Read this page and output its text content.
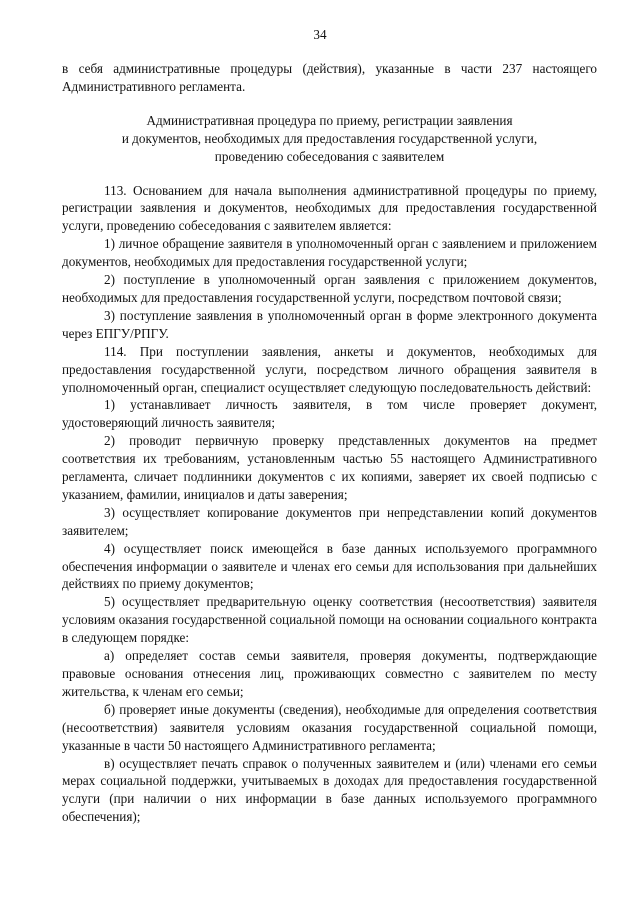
34

в себя административные процедуры (действия), указанные в части 237 настоящего Административного регламента.

Административная процедура по приему, регистрации заявления
и документов, необходимых для предоставления государственной услуги,
проведению собеседования с заявителем

113. Основанием для начала выполнения административной процедуры по приему, регистрации заявления и документов, необходимых для предоставления государственной услуги, проведению собеседования с заявителем является:

1) личное обращение заявителя в уполномоченный орган с заявлением и приложением документов, необходимых для предоставления государственной услуги;

2) поступление в уполномоченный орган заявления с приложением документов, необходимых для предоставления государственной услуги, посредством почтовой связи;

3) поступление заявления в уполномоченный орган в форме электронного документа через ЕПГУ/РПГУ.

114. При поступлении заявления, анкеты и документов, необходимых для предоставления государственной услуги, посредством личного обращения заявителя в уполномоченный орган, специалист осуществляет следующую последовательность действий:

1) устанавливает личность заявителя, в том числе проверяет документ, удостоверяющий личность заявителя;

2) проводит первичную проверку представленных документов на предмет соответствия их требованиям, установленным частью 55 настоящего Административного регламента, сличает подлинники документов с их копиями, заверяет их своей подписью с указанием, фамилии, инициалов и даты заверения;

3) осуществляет копирование документов при непредставлении копий документов заявителем;

4) осуществляет поиск имеющейся в базе данных используемого программного обеспечения информации о заявителе и членах его семьи для использования при дальнейших действиях по приему документов;

5) осуществляет предварительную оценку соответствия (несоответствия) заявителя условиям оказания государственной социальной помощи на основании социального контракта в следующем порядке:

а) определяет состав семьи заявителя, проверяя документы, подтверждающие правовые основания отнесения лиц, проживающих совместно с заявителем по месту жительства, к членам его семьи;

б) проверяет иные документы (сведения), необходимые для определения соответствия (несоответствия) заявителя условиям оказания государственной социальной помощи, указанные в части 50 настоящего Административного регламента;

в) осуществляет печать справок о полученных заявителем и (или) членами его семьи мерах социальной поддержки, учитываемых в доходах для предоставления государственной услуги (при наличии о них информации в базе данных используемого программного обеспечения);
